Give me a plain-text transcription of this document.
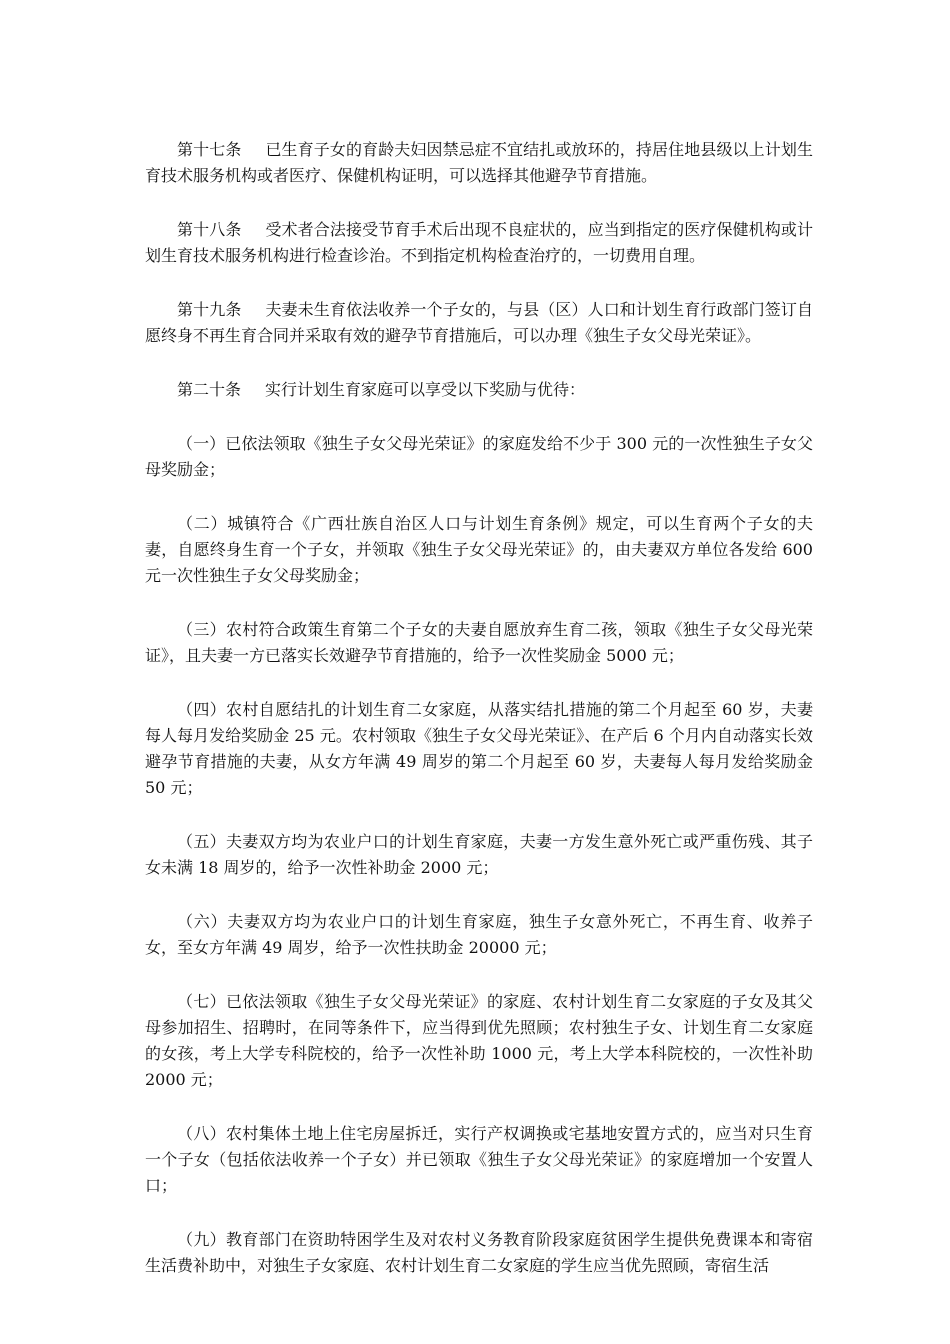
第十七条 已生育子女的育龄夫妇因禁忌症不宜结扎或放环的，持居住地县级以上计划生育技术服务机构或者医疗、保健机构证明，可以选择其他避孕节育措施。

第十八条 受术者合法接受节育手术后出现不良症状的，应当到指定的医疗保健机构或计划生育技术服务机构进行检查诊治。不到指定机构检查治疗的，一切费用自理。

第十九条 夫妻未生育依法收养一个子女的，与县（区）人口和计划生育行政部门签订自愿终身不再生育合同并采取有效的避孕节育措施后，可以办理《独生子女父母光荣证》。

第二十条 实行计划生育家庭可以享受以下奖励与优待：

（一）已依法领取《独生子女父母光荣证》的家庭发给不少于 300 元的一次性独生子女父母奖励金；

（二）城镇符合《广西壮族自治区人口与计划生育条例》规定，可以生育两个子女的夫妻，自愿终身生育一个子女，并领取《独生子女父母光荣证》的，由夫妻双方单位各发给 600 元一次性独生子女父母奖励金；

（三）农村符合政策生育第二个子女的夫妻自愿放弃生育二孩，领取《独生子女父母光荣证》，且夫妻一方已落实长效避孕节育措施的，给予一次性奖励金 5000 元；

（四）农村自愿结扎的计划生育二女家庭，从落实结扎措施的第二个月起至 60 岁，夫妻每人每月发给奖励金 25 元。农村领取《独生子女父母光荣证》、在产后 6 个月内自动落实长效避孕节育措施的夫妻，从女方年满 49 周岁的第二个月起至 60 岁，夫妻每人每月发给奖励金 50 元；

（五）夫妻双方均为农业户口的计划生育家庭，夫妻一方发生意外死亡或严重伤残、其子女未满 18 周岁的，给予一次性补助金 2000 元；

（六）夫妻双方均为农业户口的计划生育家庭，独生子女意外死亡，不再生育、收养子女，至女方年满 49 周岁，给予一次性扶助金 20000 元；

（七）已依法领取《独生子女父母光荣证》的家庭、农村计划生育二女家庭的子女及其父母参加招生、招聘时，在同等条件下，应当得到优先照顾；农村独生子女、计划生育二女家庭的女孩，考上大学专科院校的，给予一次性补助 1000 元，考上大学本科院校的，一次性补助 2000 元；

（八）农村集体土地上住宅房屋拆迁，实行产权调换或宅基地安置方式的，应当对只生育一个子女（包括依法收养一个子女）并已领取《独生子女父母光荣证》的家庭增加一个安置人口；

（九）教育部门在资助特困学生及对农村义务教育阶段家庭贫困学生提供免费课本和寄宿生活费补助中，对独生子女家庭、农村计划生育二女家庭的学生应当优先照顾，寄宿生活
